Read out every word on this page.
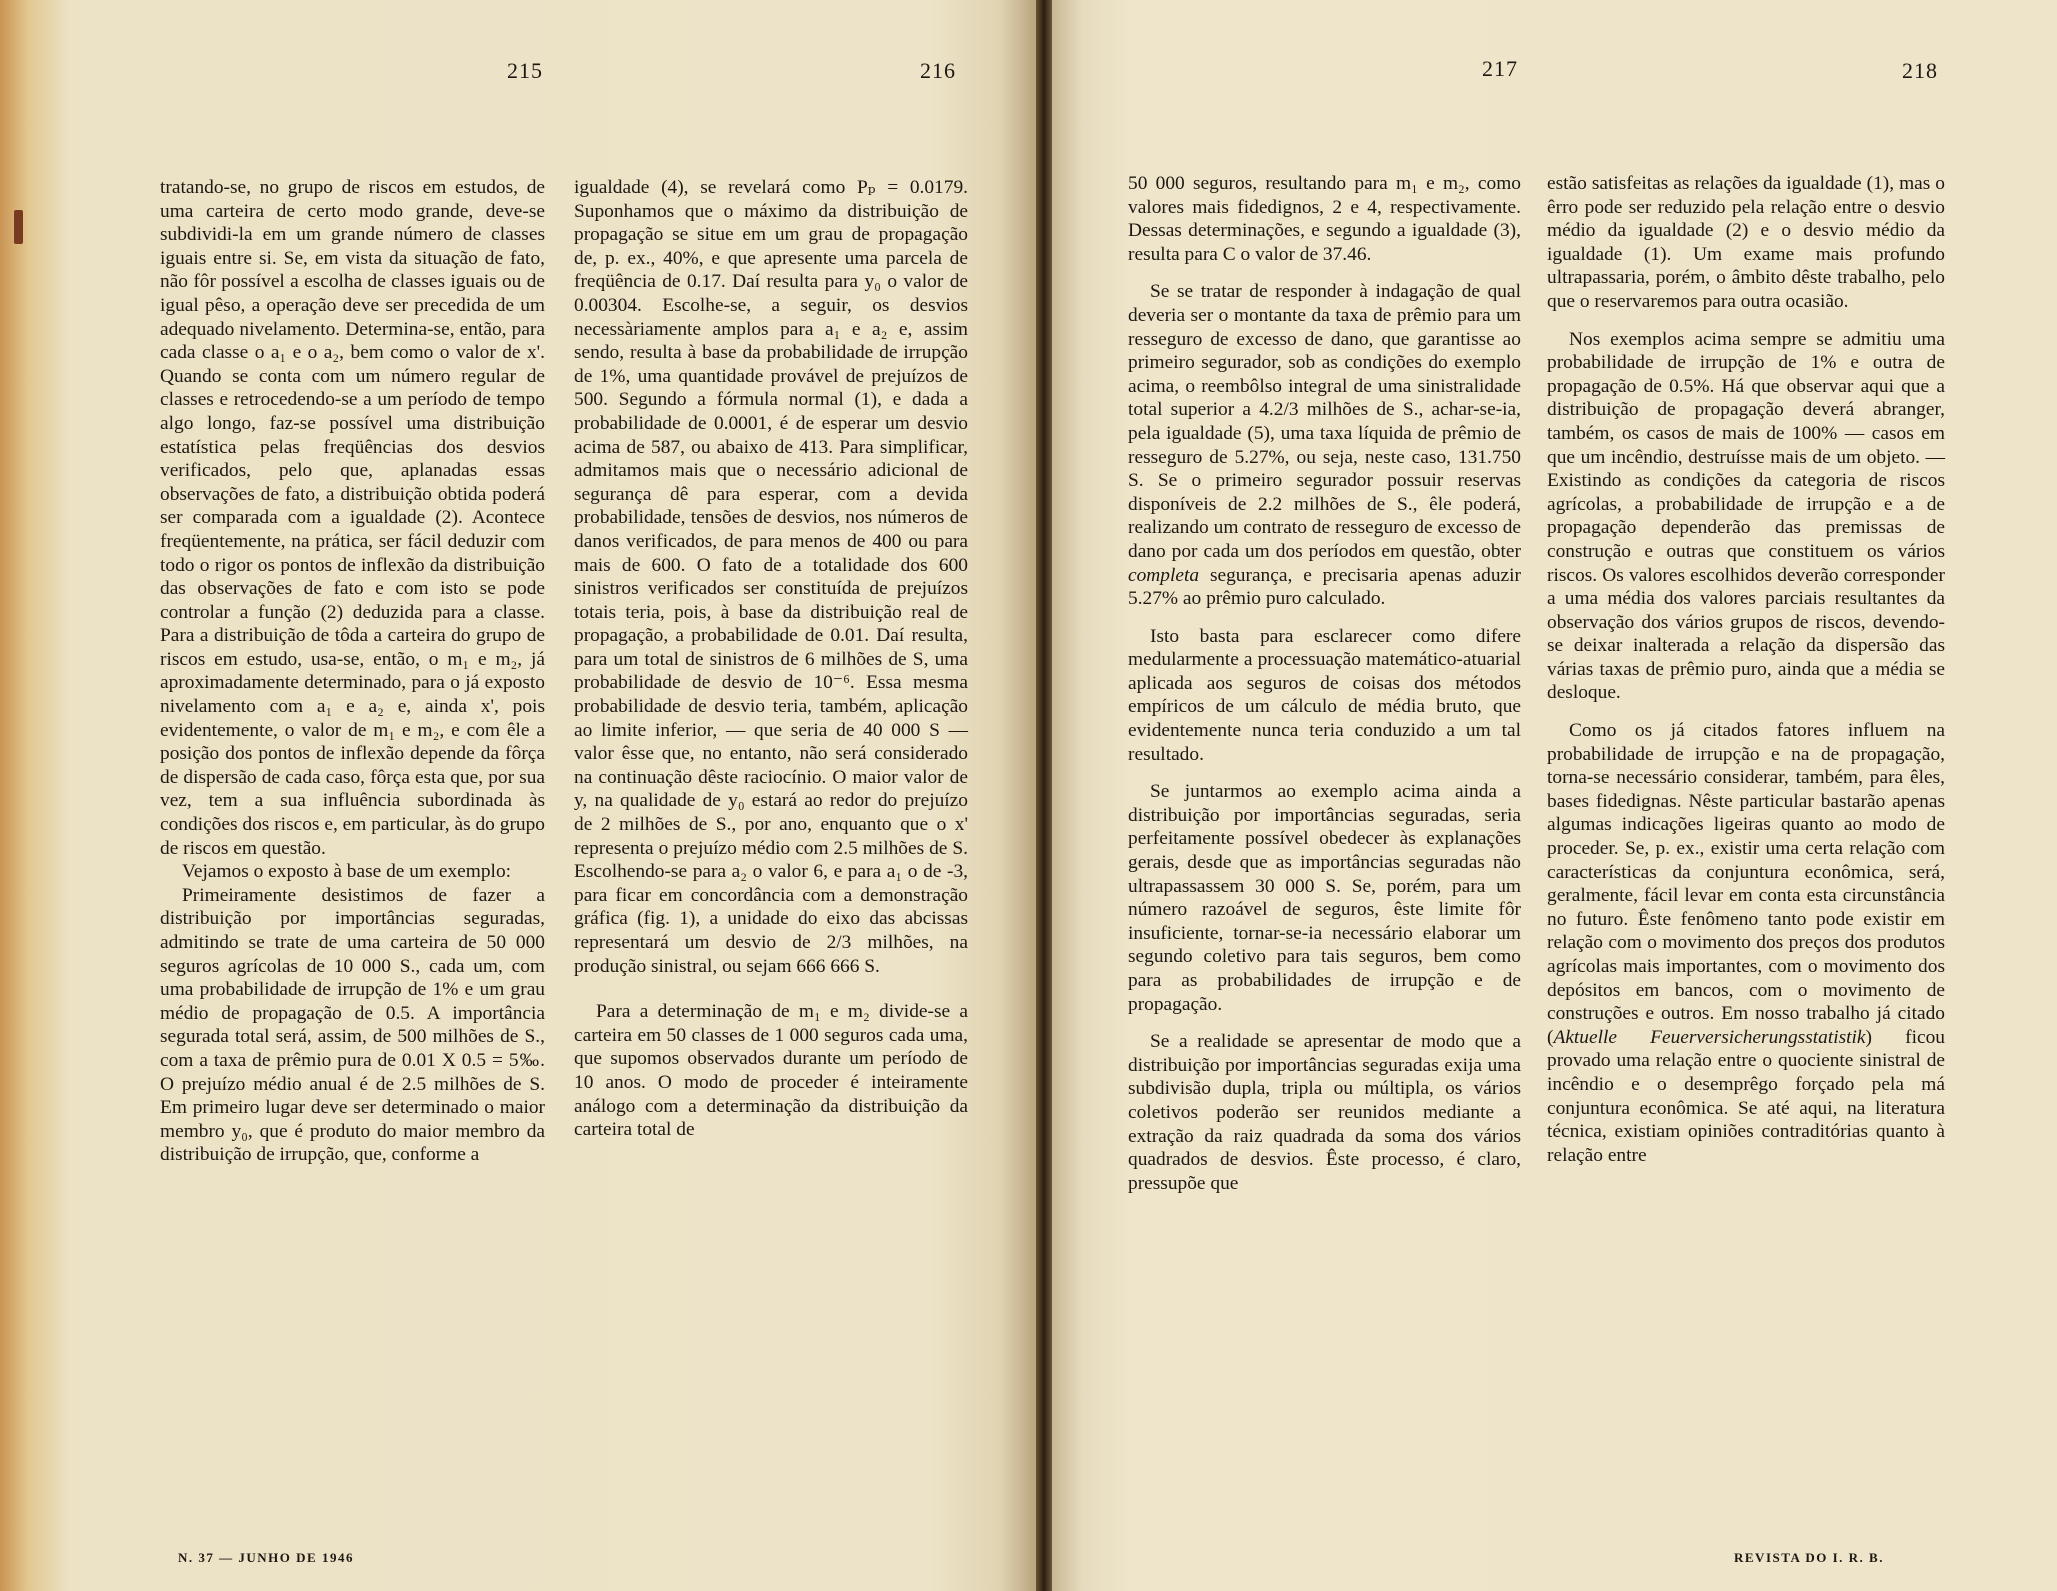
215	216

tratando-se, no grupo de riscos em estudos, de uma carteira de certo modo grande, deve-se subdividi-la em um grande número de classes iguais entre si. Se, em vista da situação de fato, não fôr possível a escolha de classes iguais ou de igual pêso, a operação deve ser precedida de um adequado nivelamento. Determina-se, então, para cada classe o a₁ e o a₂, bem como o valor de x'. Quando se conta com um número regular de classes e retrocedendo-se a um período de tempo algo longo, faz-se possível uma distribuição estatística pelas freqüências dos desvios verificados, pelo que, aplanadas essas observações de fato, a distribuição obtida poderá ser comparada com a igualdade (2). Acontece freqüentemente, na prática, ser fácil deduzir com todo o rigor os pontos de inflexão da distribuição das observações de fato e com isto se pode controlar a função (2) deduzida para a classe. Para a distribuição de tôda a carteira do grupo de riscos em estudo, usa-se, então, o m₁ e m₂, já aproximadamente determinado, para o já exposto nivelamento com a₁ e a₂ e, ainda x', pois evidentemente, o valor de m₁ e m₂, e com êle a posição dos pontos de inflexão depende da fôrça de dispersão de cada caso, fôrça esta que, por sua vez, tem a sua influência subordinada às condições dos riscos e, em particular, às do grupo de riscos em questão.

Vejamos o exposto à base de um exemplo:

Primeiramente desistimos de fazer a distribuição por importâncias seguradas, admitindo se trate de uma carteira de 50 000 seguros agrícolas de 10 000 S., cada um, com uma probabilidade de irrupção de 1% e um grau médio de propagação de 0.5. A importância segurada total será, assim, de 500 milhões de S., com a taxa de prêmio pura de 0.01 X 0.5 = 5‰. O prejuízo médio anual é de 2.5 milhões de S. Em primeiro lugar deve ser determinado o maior membro y₀, que é produto do maior membro da distribuição de irrupção, que, conforme a

igualdade (4), se revelará como Pₚ = 0.0179. Suponhamos que o máximo da distribuição de propagação se situe em um grau de propagação de, p. ex., 40%, e que apresente uma parcela de freqüência de 0.17. Daí resulta para y₀ o valor de 0.00304. Escolhe-se, a seguir, os desvios necessàriamente amplos para a₁ e a₂ e, assim sendo, resulta à base da probabilidade de irrupção de 1%, uma quantidade provável de prejuízos de 500. Segundo a fórmula normal (1), e dada a probabilidade de 0.0001, é de esperar um desvio acima de 587, ou abaixo de 413. Para simplificar, admitamos mais que o necessário adicional de segurança dê para esperar, com a devida probabilidade, tensões de desvios, nos números de danos verificados, de para menos de 400 ou para mais de 600. O fato de a totalidade dos 600 sinistros verificados ser constituída de prejuízos totais teria, pois, à base da distribuição real de propagação, a probabilidade de 0.01. Daí resulta, para um total de sinistros de 6 milhões de S, uma probabilidade de desvio de 10⁻⁶. Essa mesma probabilidade de desvio teria, também, aplicação ao limite inferior, — que seria de 40 000 S — valor êsse que, no entanto, não será considerado na continuação dêste raciocínio. O maior valor de y, na qualidade de y₀ estará ao redor do prejuízo de 2 milhões de S., por ano, enquanto que o x' representa o prejuízo médio com 2.5 milhões de S. Escolhendo-se para a₂ o valor 6, e para a₁ o de -3, para ficar em concordância com a demonstração gráfica (fig. 1), a unidade do eixo das abcissas representará um desvio de 2/3 milhões, na produção sinistral, ou sejam 666 666 S.

Para a determinação de m₁ e m₂ divide-se a carteira em 50 classes de 1 000 seguros cada uma, que supomos observados durante um período de 10 anos. O modo de proceder é inteiramente análogo com a determinação da distribuição da carteira total de

N. 37 — JUNHO DE 1946
217	218

50 000 seguros, resultando para m₁ e m₂, como valores mais fidedignos, 2 e 4, respectivamente. Dessas determinações, e segundo a igualdade (3), resulta para C o valor de 37.46.

Se se tratar de responder à indagação de qual deveria ser o montante da taxa de prêmio para um resseguro de excesso de dano, que garantisse ao primeiro segurador, sob as condições do exemplo acima, o reembôlso integral de uma sinistralidade total superior a 4.2/3 milhões de S., achar-se-ia, pela igualdade (5), uma taxa líquida de prêmio de resseguro de 5.27%, ou seja, neste caso, 131.750 S. Se o primeiro segurador possuir reservas disponíveis de 2.2 milhões de S., êle poderá, realizando um contrato de resseguro de excesso de dano por cada um dos períodos em questão, obter completa segurança, e precisaria apenas aduzir 5.27% ao prêmio puro calculado.

Isto basta para esclarecer como difere medularmente a processuação matemático-atuarial aplicada aos seguros de coisas dos métodos empíricos de um cálculo de média bruto, que evidentemente nunca teria conduzido a um tal resultado.

Se juntarmos ao exemplo acima ainda a distribuição por importâncias seguradas, seria perfeitamente possível obedecer às explanações gerais, desde que as importâncias seguradas não ultrapassassem 30 000 S. Se, porém, para um número razoável de seguros, êste limite fôr insuficiente, tornar-se-ia necessário elaborar um segundo coletivo para tais seguros, bem como para as probabilidades de irrupção e de propagação.

Se a realidade se apresentar de modo que a distribuição por importâncias seguradas exija uma subdivisão dupla, tripla ou múltipla, os vários coletivos poderão ser reunidos mediante a extração da raiz quadrada da soma dos vários quadrados de desvios. Êste processo, é claro, pressupõe que

estão satisfeitas as relações da igualdade (1), mas o êrro pode ser reduzido pela relação entre o desvio médio da igualdade (2) e o desvio médio da igualdade (1). Um exame mais profundo ultrapassaria, porém, o âmbito dêste trabalho, pelo que o reservaremos para outra ocasião.

Nos exemplos acima sempre se admitiu uma probabilidade de irrupção de 1% e outra de propagação de 0.5%. Há que observar aqui que a distribuição de propagação deverá abranger, também, os casos de mais de 100% — casos em que um incêndio, destruísse mais de um objeto. — Existindo as condições da categoria de riscos agrícolas, a probabilidade de irrupção e a de propagação dependerão das premissas de construção e outras que constituem os vários riscos. Os valores escolhidos deverão corresponder a uma média dos valores parciais resultantes da observação dos vários grupos de riscos, devendo-se deixar inalterada a relação da dispersão das várias taxas de prêmio puro, ainda que a média se desloque.

Como os já citados fatores influem na probabilidade de irrupção e na de propagação, torna-se necessário considerar, também, para êles, bases fidedignas. Nêste particular bastarão apenas algumas indicações ligeiras quanto ao modo de proceder. Se, p. ex., existir uma certa relação com características da conjuntura econômica, será, geralmente, fácil levar em conta esta circunstância no futuro. Êste fenômeno tanto pode existir em relação com o movimento dos preços dos produtos agrícolas mais importantes, com o movimento dos depósitos em bancos, com o movimento de construções e outros. Em nosso trabalho já citado (Aktuelle Feuerversicherungsstatistik) ficou provado uma relação entre o quociente sinistral de incêndio e o desemprêgo forçado pela má conjuntura econômica. Se até aqui, na literatura técnica, existiam opiniões contraditórias quanto à relação entre

REVISTA DO I. R. B.
